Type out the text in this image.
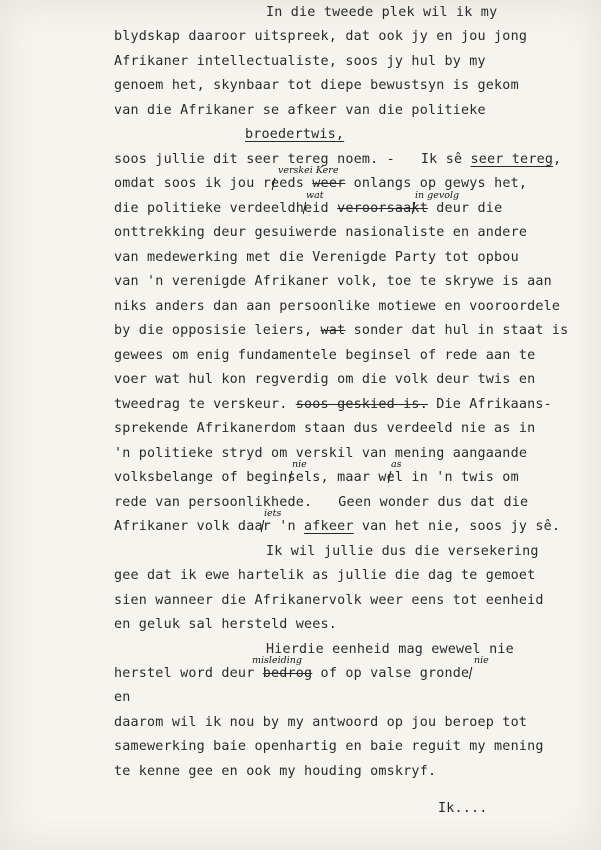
In die tweede plek wil ik my
blydskap daaroor uitspreek, dat ook jy en jou jong
Afrikaner intellectualiste, soos jy hul by my
genoem het, skynbaar tot diepe bewustsyn is gekom
van die Afrikaner se afkeer van die politieke
broedertwis,
soos jullie dit seer tereg noem. - Ik sê seer tereg,
omdat soos ik jou reeds weer onlangs op gewys het,
die politieke verdeeldheid veroorsaakt deur die
onttrekking deur gesuiwerde nasionaliste en andere
van medewerking met die Verenigde Party tot opbou
van 'n verenigde Afrikaner volk, toe te skrywe is aan
niks anders dan aan persoonlike motiewe en vooroordele
by die opposisie leiers, wat sonder dat hul in staat is
gewees om enig fundamentele beginsel of rede aan te
voer wat hul kon regverdig om die volk deur twis en
tweedrag te verskeur. soos geskied is. Die Afrikaans-
sprekende Afrikanerdom staan dus verdeeld nie as in
'n politieke stryd om verskil van mening aangaande
volksbelange of beginsels, maar wel in 'n twis om
rede van persoonlikhede. Geen wonder dus dat die
Afrikaner volk daar 'n afkeer van het nie, soos jy sê.
Ik wil jullie dus die versekering
gee dat ik ewe hartelik as jullie die dag te gemoet
sien wanneer die Afrikanervolk weer eens tot eenheid
en geluk sal hersteld wees.
Hierdie eenheid mag ewewel nie
herstel word deur bedrog of op valse gronde
en
daarom wil ik nou by my antwoord op jou beroep tot
samewerking baie openhartig en baie reguit my mening
te kenne gee en ook my houding omskryf.
Ik....
verskei Kere
wat	in gevolg
nie	as
iets
misleiding	nie
